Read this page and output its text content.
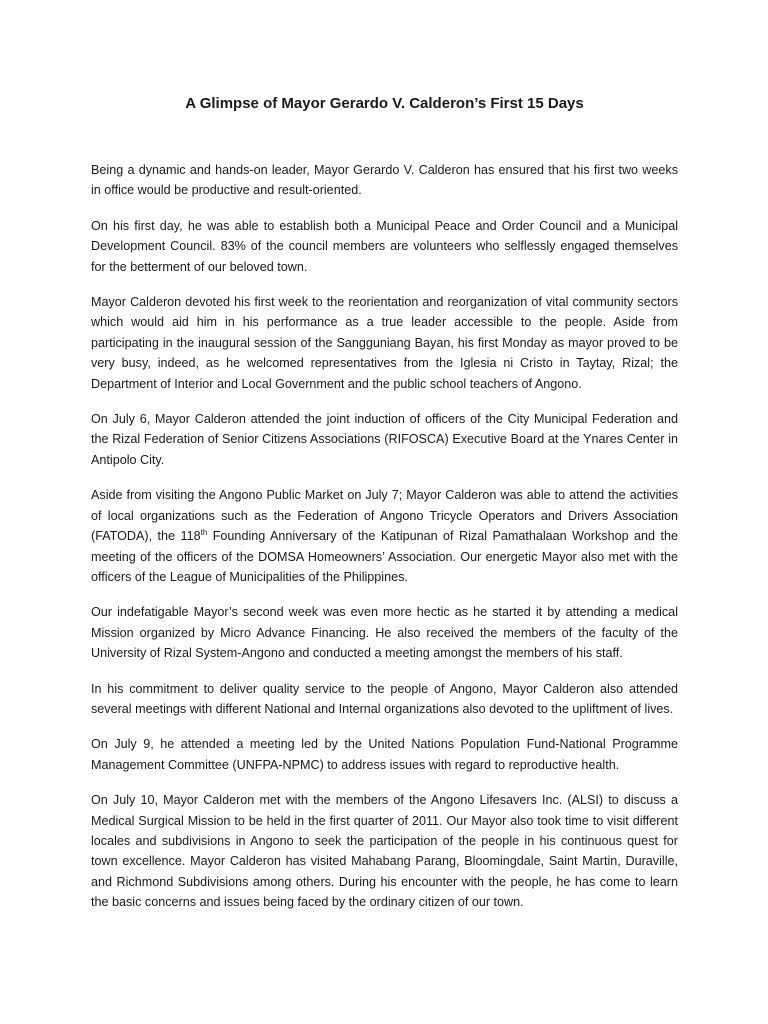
A Glimpse of Mayor Gerardo V. Calderon’s First 15 Days

Being a dynamic and hands-on leader, Mayor Gerardo V. Calderon has ensured that his first two weeks in office would be productive and result-oriented.

On his first day, he was able to establish both a Municipal Peace and Order Council and a Municipal Development Council. 83% of the council members are volunteers who selflessly engaged themselves for the betterment of our beloved town.

Mayor Calderon devoted his first week to the reorientation and reorganization of vital community sectors which would aid him in his performance as a true leader accessible to the people. Aside from participating in the inaugural session of the Sangguniang Bayan, his first Monday as mayor proved to be very busy, indeed, as he welcomed representatives from the Iglesia ni Cristo in Taytay, Rizal; the Department of Interior and Local Government and the public school teachers of Angono.

On July 6, Mayor Calderon attended the joint induction of officers of the City Municipal Federation and the Rizal Federation of Senior Citizens Associations (RIFOSCA) Executive Board at the Ynares Center in Antipolo City.

Aside from visiting the Angono Public Market on July 7; Mayor Calderon was able to attend the activities of local organizations such as the Federation of Angono Tricycle Operators and Drivers Association (FATODA), the 118th Founding Anniversary of the Katipunan of Rizal Pamathalaan Workshop and the meeting of the officers of the DOMSA Homeowners’ Association. Our energetic Mayor also met with the officers of the League of Municipalities of the Philippines.

Our indefatigable Mayor’s second week was even more hectic as he started it by attending a medical Mission organized by Micro Advance Financing. He also received the members of the faculty of the University of Rizal System-Angono and conducted a meeting amongst the members of his staff.

In his commitment to deliver quality service to the people of Angono, Mayor Calderon also attended several meetings with different National and Internal organizations also devoted to the upliftment of lives.

On July 9, he attended a meeting led by the United Nations Population Fund-National Programme Management Committee (UNFPA-NPMC) to address issues with regard to reproductive health.

On July 10, Mayor Calderon met with the members of the Angono Lifesavers Inc. (ALSI) to discuss a Medical Surgical Mission to be held in the first quarter of 2011. Our Mayor also took time to visit different locales and subdivisions in Angono to seek the participation of the people in his continuous quest for town excellence. Mayor Calderon has visited Mahabang Parang, Bloomingdale, Saint Martin, Duraville, and Richmond Subdivisions among others. During his encounter with the people, he has come to learn the basic concerns and issues being faced by the ordinary citizen of our town.
